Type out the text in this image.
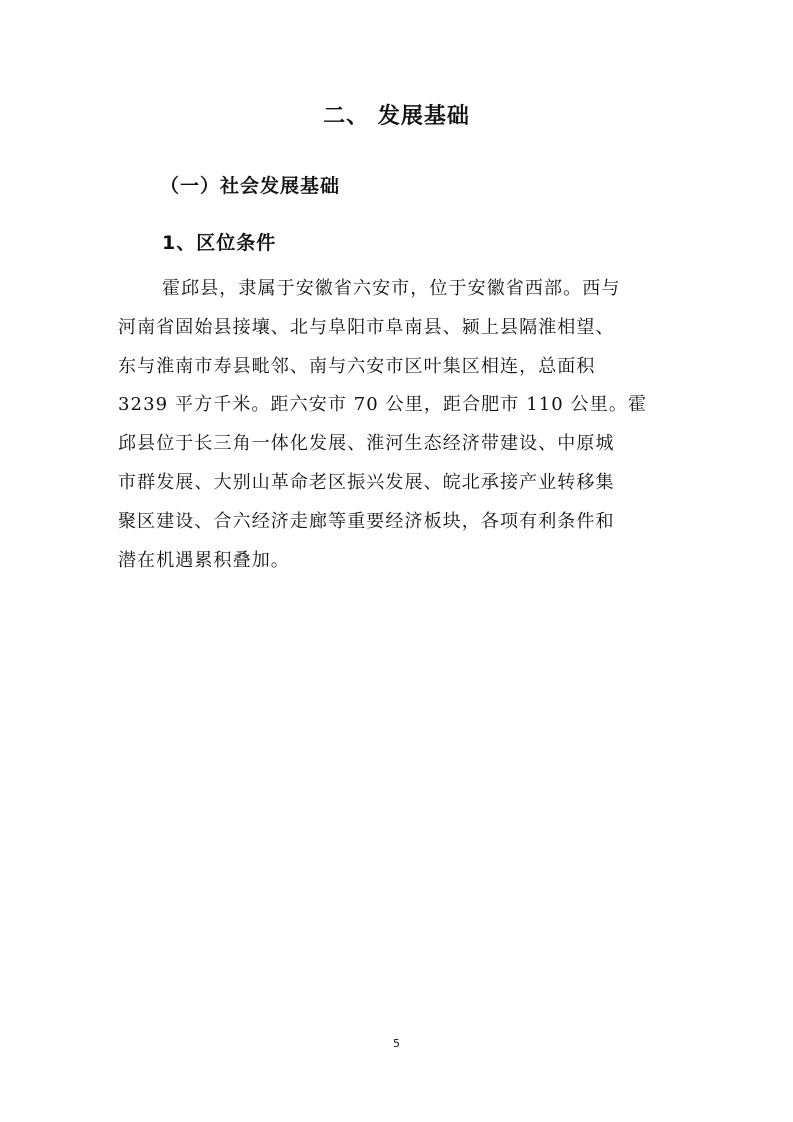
二、 发展基础
（一）社会发展基础
1、区位条件
霍邱县，隶属于安徽省六安市，位于安徽省西部。西与
河南省固始县接壤、北与阜阳市阜南县、颍上县隔淮相望、
东与淮南市寿县毗邻、南与六安市区叶集区相连，总面积
3239 平方千米。距六安市 70 公里，距合肥市 110 公里。霍
邱县位于长三角一体化发展、淮河生态经济带建设、中原城
市群发展、大别山革命老区振兴发展、皖北承接产业转移集
聚区建设、合六经济走廊等重要经济板块，各项有利条件和
潜在机遇累积叠加。
5
